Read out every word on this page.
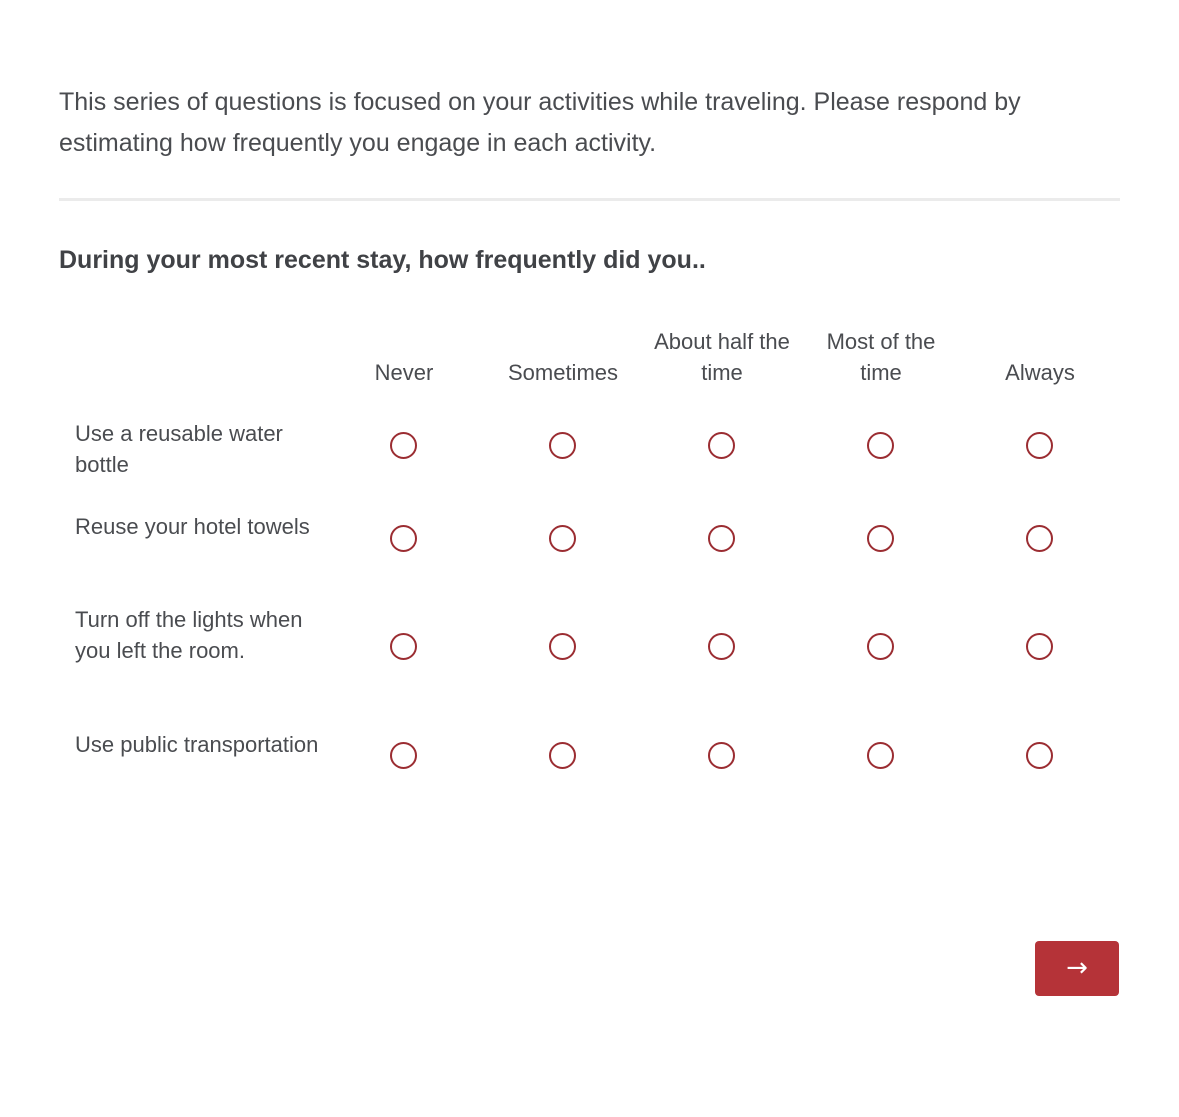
This series of questions is focused on your activities while traveling. Please respond by estimating how frequently you engage in each activity.
During your most recent stay, how frequently did you..
Never	Sometimes
About half the time
Most of the time	Always
Use a reusable water bottle
Reuse your hotel towels
Turn off the lights when you left the room.
Use public transportation
→
